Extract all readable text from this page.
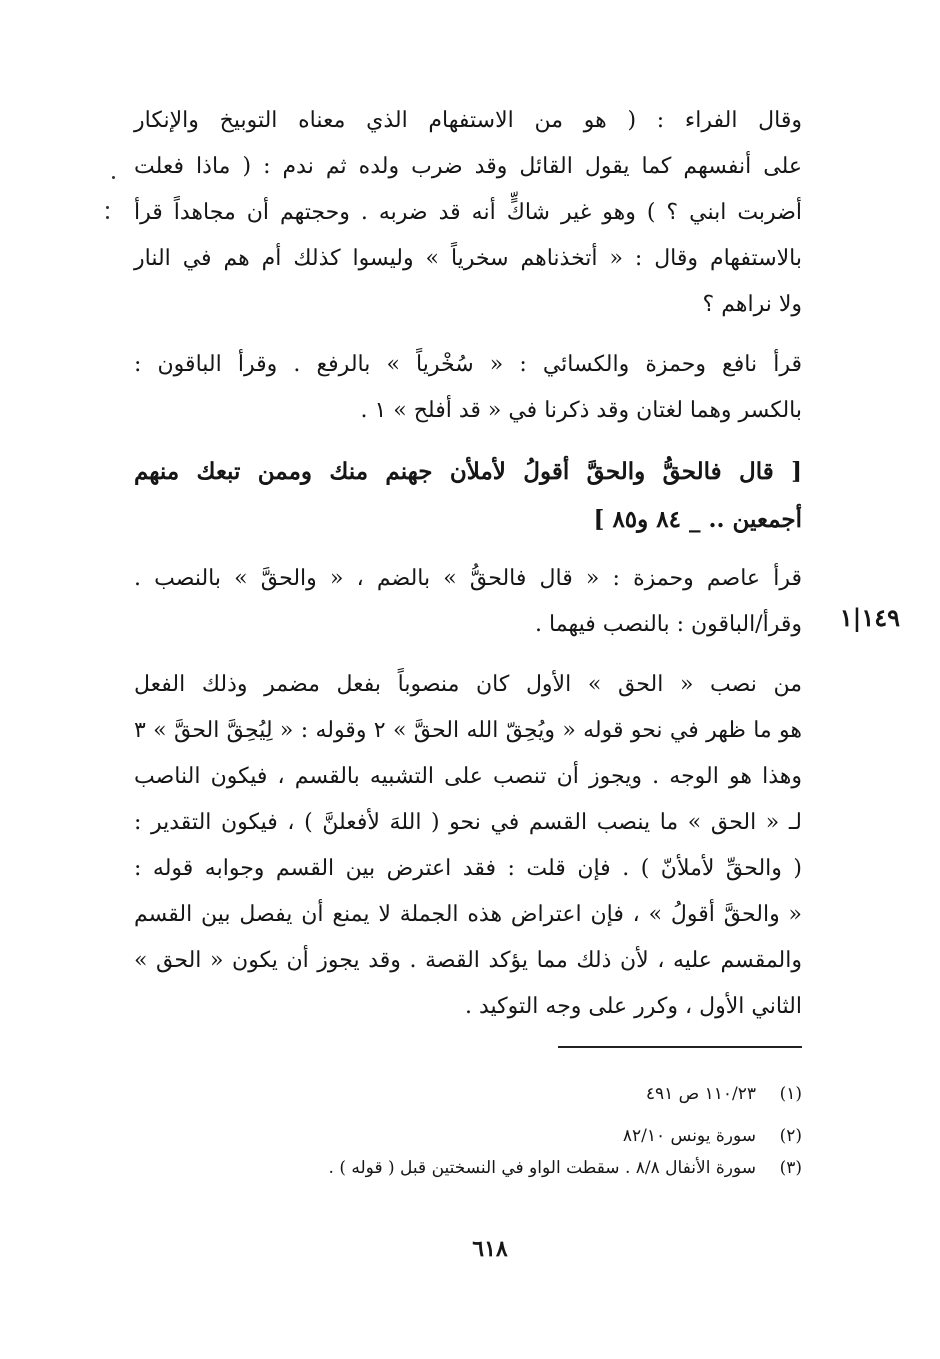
وقال الفراء : ( هو من الاستفهام الذي معناه التوبيخ والإنكار
على أنفسهم كما يقول القائل وقد ضرب ولده ثم ندم : ( ماذا فعلت
أضربت ابني ؟ ) وهو غير شاكٍّ أنه قد ضربه . وحجتهم أن مجاهداً قرأ
بالاستفهام وقال : « أتخذناهم سخرياً » وليسوا كذلك أم هم في النار
ولا نراهم ؟
قرأ نافع وحمزة والكسائي : « سُخْرياً » بالرفع . وقرأ الباقون :
بالكسر وهما لغتان وقد ذكرنا في « قد أفلح » ١ .
[ قال فالحقُّ والحقَّ أقولُ لأملأن جهنم منك وممن تبعك منهم
أجمعين .. _ ٨٤ و٨٥ ]
قرأ عاصم وحمزة : « قال فالحقُّ » بالضم ، « والحقَّ » بالنصب .
وقرأ/الباقون : بالنصب فيهما . ١٤٩|١
من نصب « الحق » الأول كان منصوباً بفعل مضمر وذلك الفعل
هو ما ظهر في نحو قوله « ويُحِقّ الله الحقَّ » ٢ وقوله : « لِيُحِقَّ الحقَّ » ٣
وهذا هو الوجه . ويجوز أن تنصب على التشبيه بالقسم ، فيكون الناصب
لـ « الحق » ما ينصب القسم في نحو ( اللهَ لأفعلنَّ ) ، فيكون التقدير :
( والحقِّ لأملأنّ ) . فإن قلت : فقد اعترض بين القسم وجوابه قوله :
« والحقَّ أقولُ » ، فإن اعتراض هذه الجملة لا يمنع أن يفصل بين القسم
والمقسم عليه ، لأن ذلك مما يؤكد القصة . وقد يجوز أن يكون « الحق »
الثاني الأول ، وكرر على وجه التوكيد .
(١)١١٠/٢٣ ص ٤٩١
(٢)سورة يونس ٨٢/١٠
(٣)سورة الأنفال ٨/٨ . سقطت الواو في النسختين قبل ( قوله ) .
٦١٨
